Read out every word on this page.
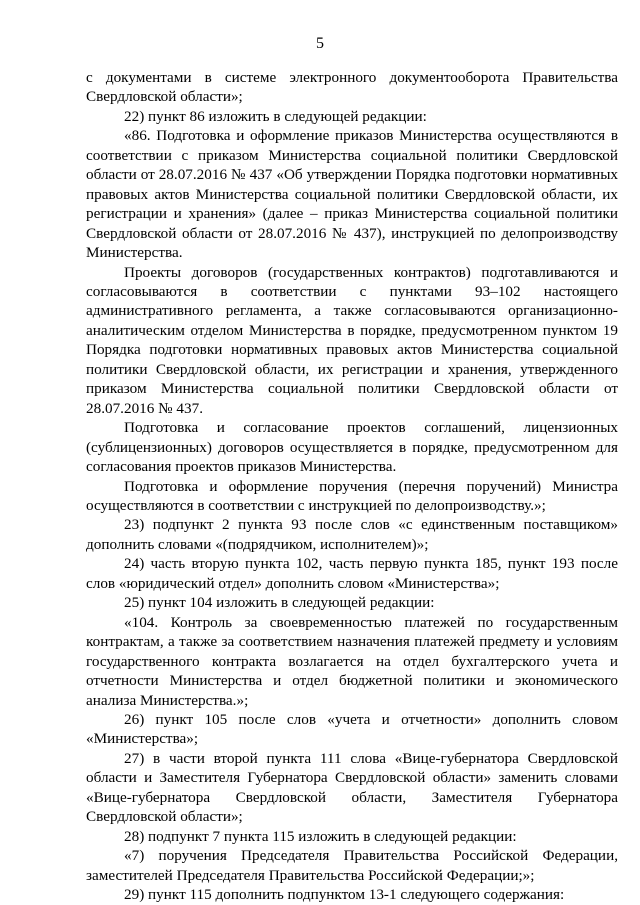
5

с документами в системе электронного документооборота Правительства Свердловской области»;

22) пункт 86 изложить в следующей редакции:

«86. Подготовка и оформление приказов Министерства осуществляются в соответствии с приказом Министерства социальной политики Свердловской области от 28.07.2016 № 437 «Об утверждении Порядка подготовки нормативных правовых актов Министерства социальной политики Свердловской области, их регистрации и хранения» (далее – приказ Министерства социальной политики Свердловской области от 28.07.2016 № 437), инструкцией по делопроизводству Министерства.

Проекты договоров (государственных контрактов) подготавливаются и согласовываются в соответствии с пунктами 93–102 настоящего административного регламента, а также согласовываются организационно-аналитическим отделом Министерства в порядке, предусмотренном пунктом 19 Порядка подготовки нормативных правовых актов Министерства социальной политики Свердловской области, их регистрации и хранения, утвержденного приказом Министерства социальной политики Свердловской области от 28.07.2016 № 437.

Подготовка и согласование проектов соглашений, лицензионных (сублицензионных) договоров осуществляется в порядке, предусмотренном для согласования проектов приказов Министерства.

Подготовка и оформление поручения (перечня поручений) Министра осуществляются в соответствии с инструкцией по делопроизводству.»;

23) подпункт 2 пункта 93 после слов «с единственным поставщиком» дополнить словами «(подрядчиком, исполнителем)»;

24) часть вторую пункта 102, часть первую пункта 185, пункт 193 после слов «юридический отдел» дополнить словом «Министерства»;

25) пункт 104 изложить в следующей редакции:

«104. Контроль за своевременностью платежей по государственным контрактам, а также за соответствием назначения платежей предмету и условиям государственного контракта возлагается на отдел бухгалтерского учета и отчетности Министерства и отдел бюджетной политики и экономического анализа Министерства.»;

26) пункт 105 после слов «учета и отчетности» дополнить словом «Министерства»;

27) в части второй пункта 111 слова «Вице-губернатора Свердловской области и Заместителя Губернатора Свердловской области» заменить словами «Вице-губернатора Свердловской области, Заместителя Губернатора Свердловской области»;

28) подпункт 7 пункта 115 изложить в следующей редакции:

«7) поручения Председателя Правительства Российской Федерации, заместителей Председателя Правительства Российской Федерации;»;

29) пункт 115 дополнить подпунктом 13-1 следующего содержания:
